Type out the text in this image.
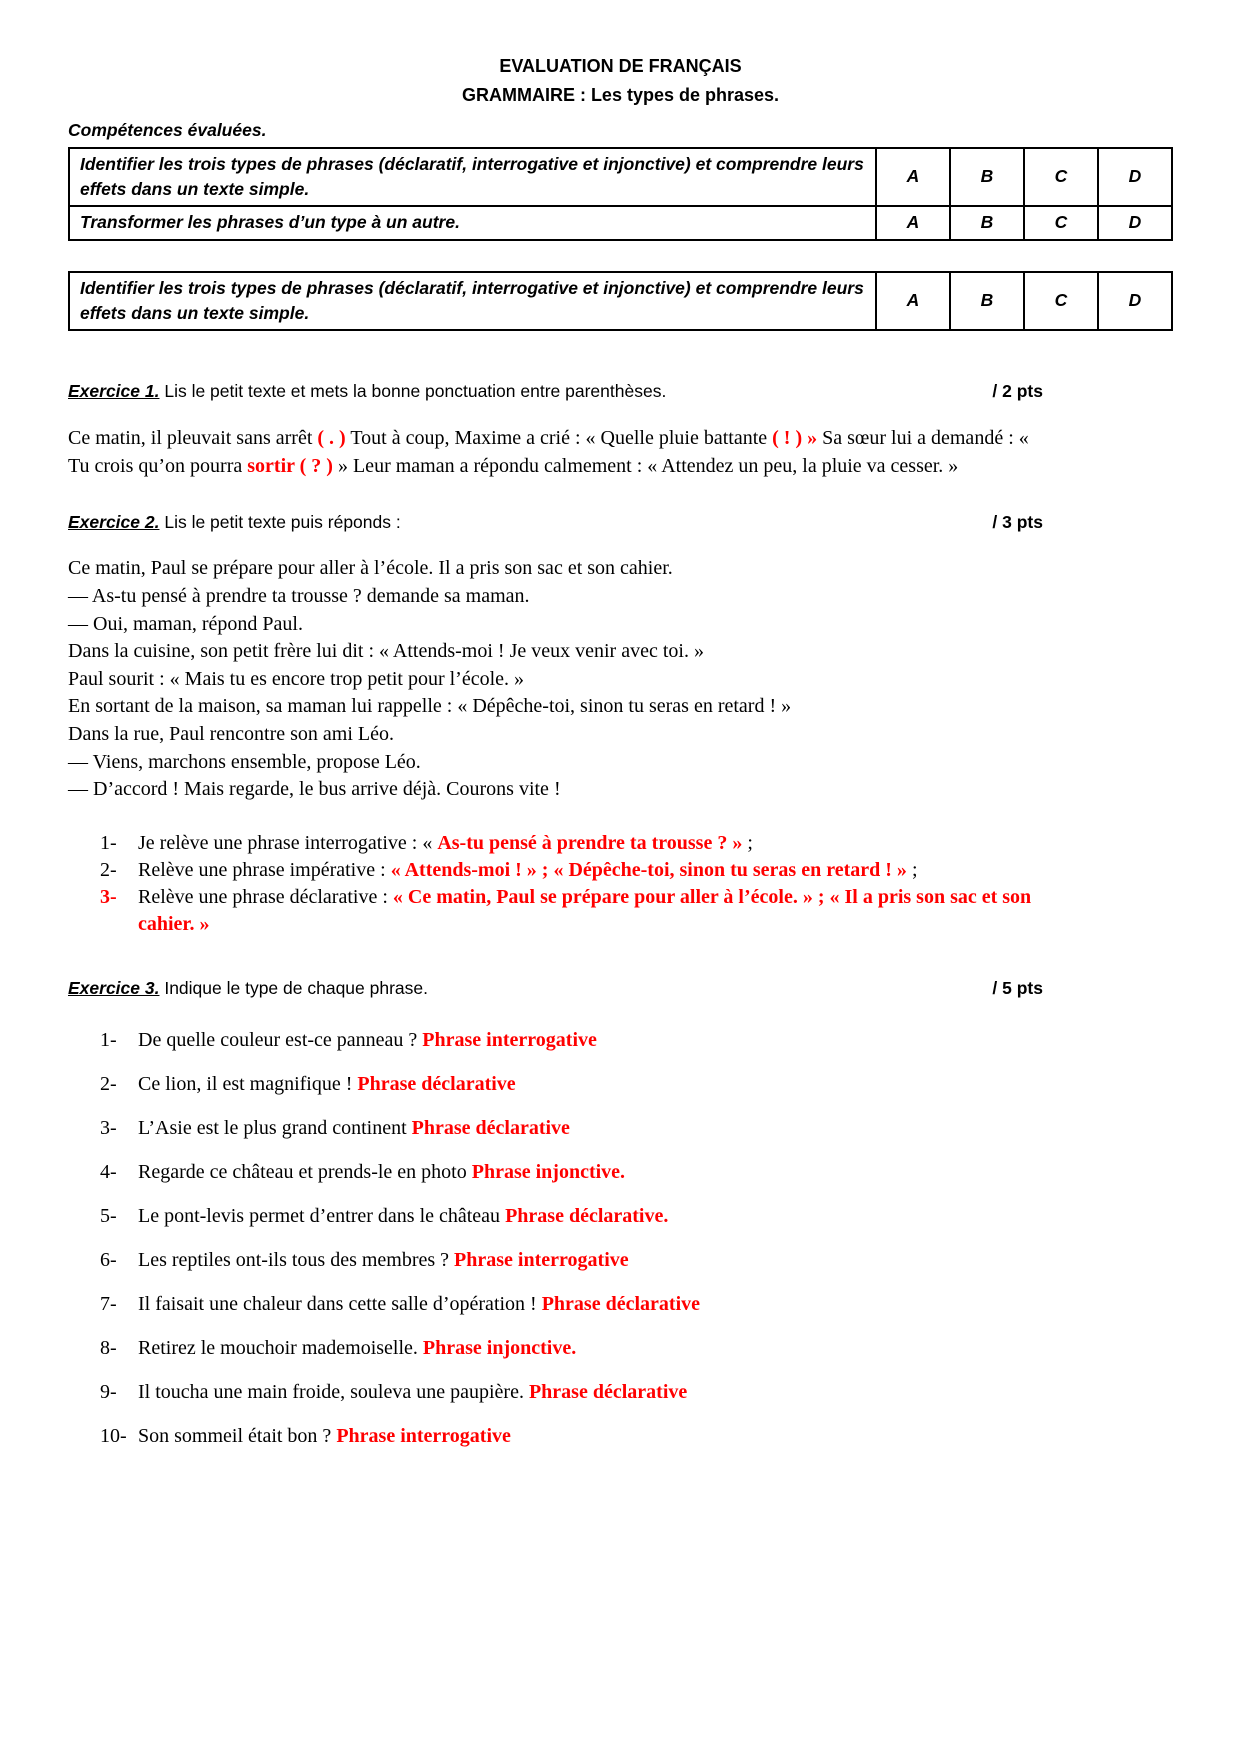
EVALUATION DE FRANÇAIS
GRAMMAIRE : Les types de phrases.
Compétences évaluées.
Identifier les trois types de phrases (déclaratif, interrogative et injonctive) et comprendre leurs effets dans un texte simple.	A	B	C	D
Transformer les phrases d’un type à un autre.	A	B	C	D
Identifier les trois types de phrases (déclaratif, interrogative et injonctive) et comprendre leurs effets dans un texte simple.	A	B	C	D
Exercice 1. Lis le petit texte et mets la bonne ponctuation entre parenthèses.	/ 2 pts
Ce matin, il pleuvait sans arrêt ( . ) Tout à coup, Maxime a crié : « Quelle pluie battante ( ! ) » Sa sœur lui a demandé : « Tu crois qu’on pourra sortir ( ? ) » Leur maman a répondu calmement : « Attendez un peu, la pluie va cesser. »
Exercice 2. Lis le petit texte puis réponds :	/ 3 pts
Ce matin, Paul se prépare pour aller à l’école. Il a pris son sac et son cahier.
— As-tu pensé à prendre ta trousse ? demande sa maman.
— Oui, maman, répond Paul.
Dans la cuisine, son petit frère lui dit : « Attends-moi ! Je veux venir avec toi. »
Paul sourit : « Mais tu es encore trop petit pour l’école. »
En sortant de la maison, sa maman lui rappelle : « Dépêche-toi, sinon tu seras en retard ! »
Dans la rue, Paul rencontre son ami Léo.
— Viens, marchons ensemble, propose Léo.
— D’accord ! Mais regarde, le bus arrive déjà. Courons vite !
1-	Je relève une phrase interrogative : « As-tu pensé à prendre ta trousse ? » ;
2-	Relève une phrase impérative : « Attends-moi ! » ; « Dépêche-toi, sinon tu seras en retard ! » ;
3-	Relève une phrase déclarative : « Ce matin, Paul se prépare pour aller à l’école. » ; « Il a pris son sac et son cahier. »
Exercice 3. Indique le type de chaque phrase.	/ 5 pts
1-	De quelle couleur est-ce panneau ? Phrase interrogative
2-	Ce lion, il est magnifique ! Phrase déclarative
3-	L’Asie est le plus grand continent Phrase déclarative
4-	Regarde ce château et prends-le en photo Phrase injonctive.
5-	Le pont-levis permet d’entrer dans le château Phrase déclarative.
6-	Les reptiles ont-ils tous des membres ? Phrase interrogative
7-	Il faisait une chaleur dans cette salle d’opération ! Phrase déclarative
8-	Retirez le mouchoir mademoiselle. Phrase injonctive.
9-	Il toucha une main froide, souleva une paupière. Phrase déclarative
10- Son sommeil était bon ? Phrase interrogative
